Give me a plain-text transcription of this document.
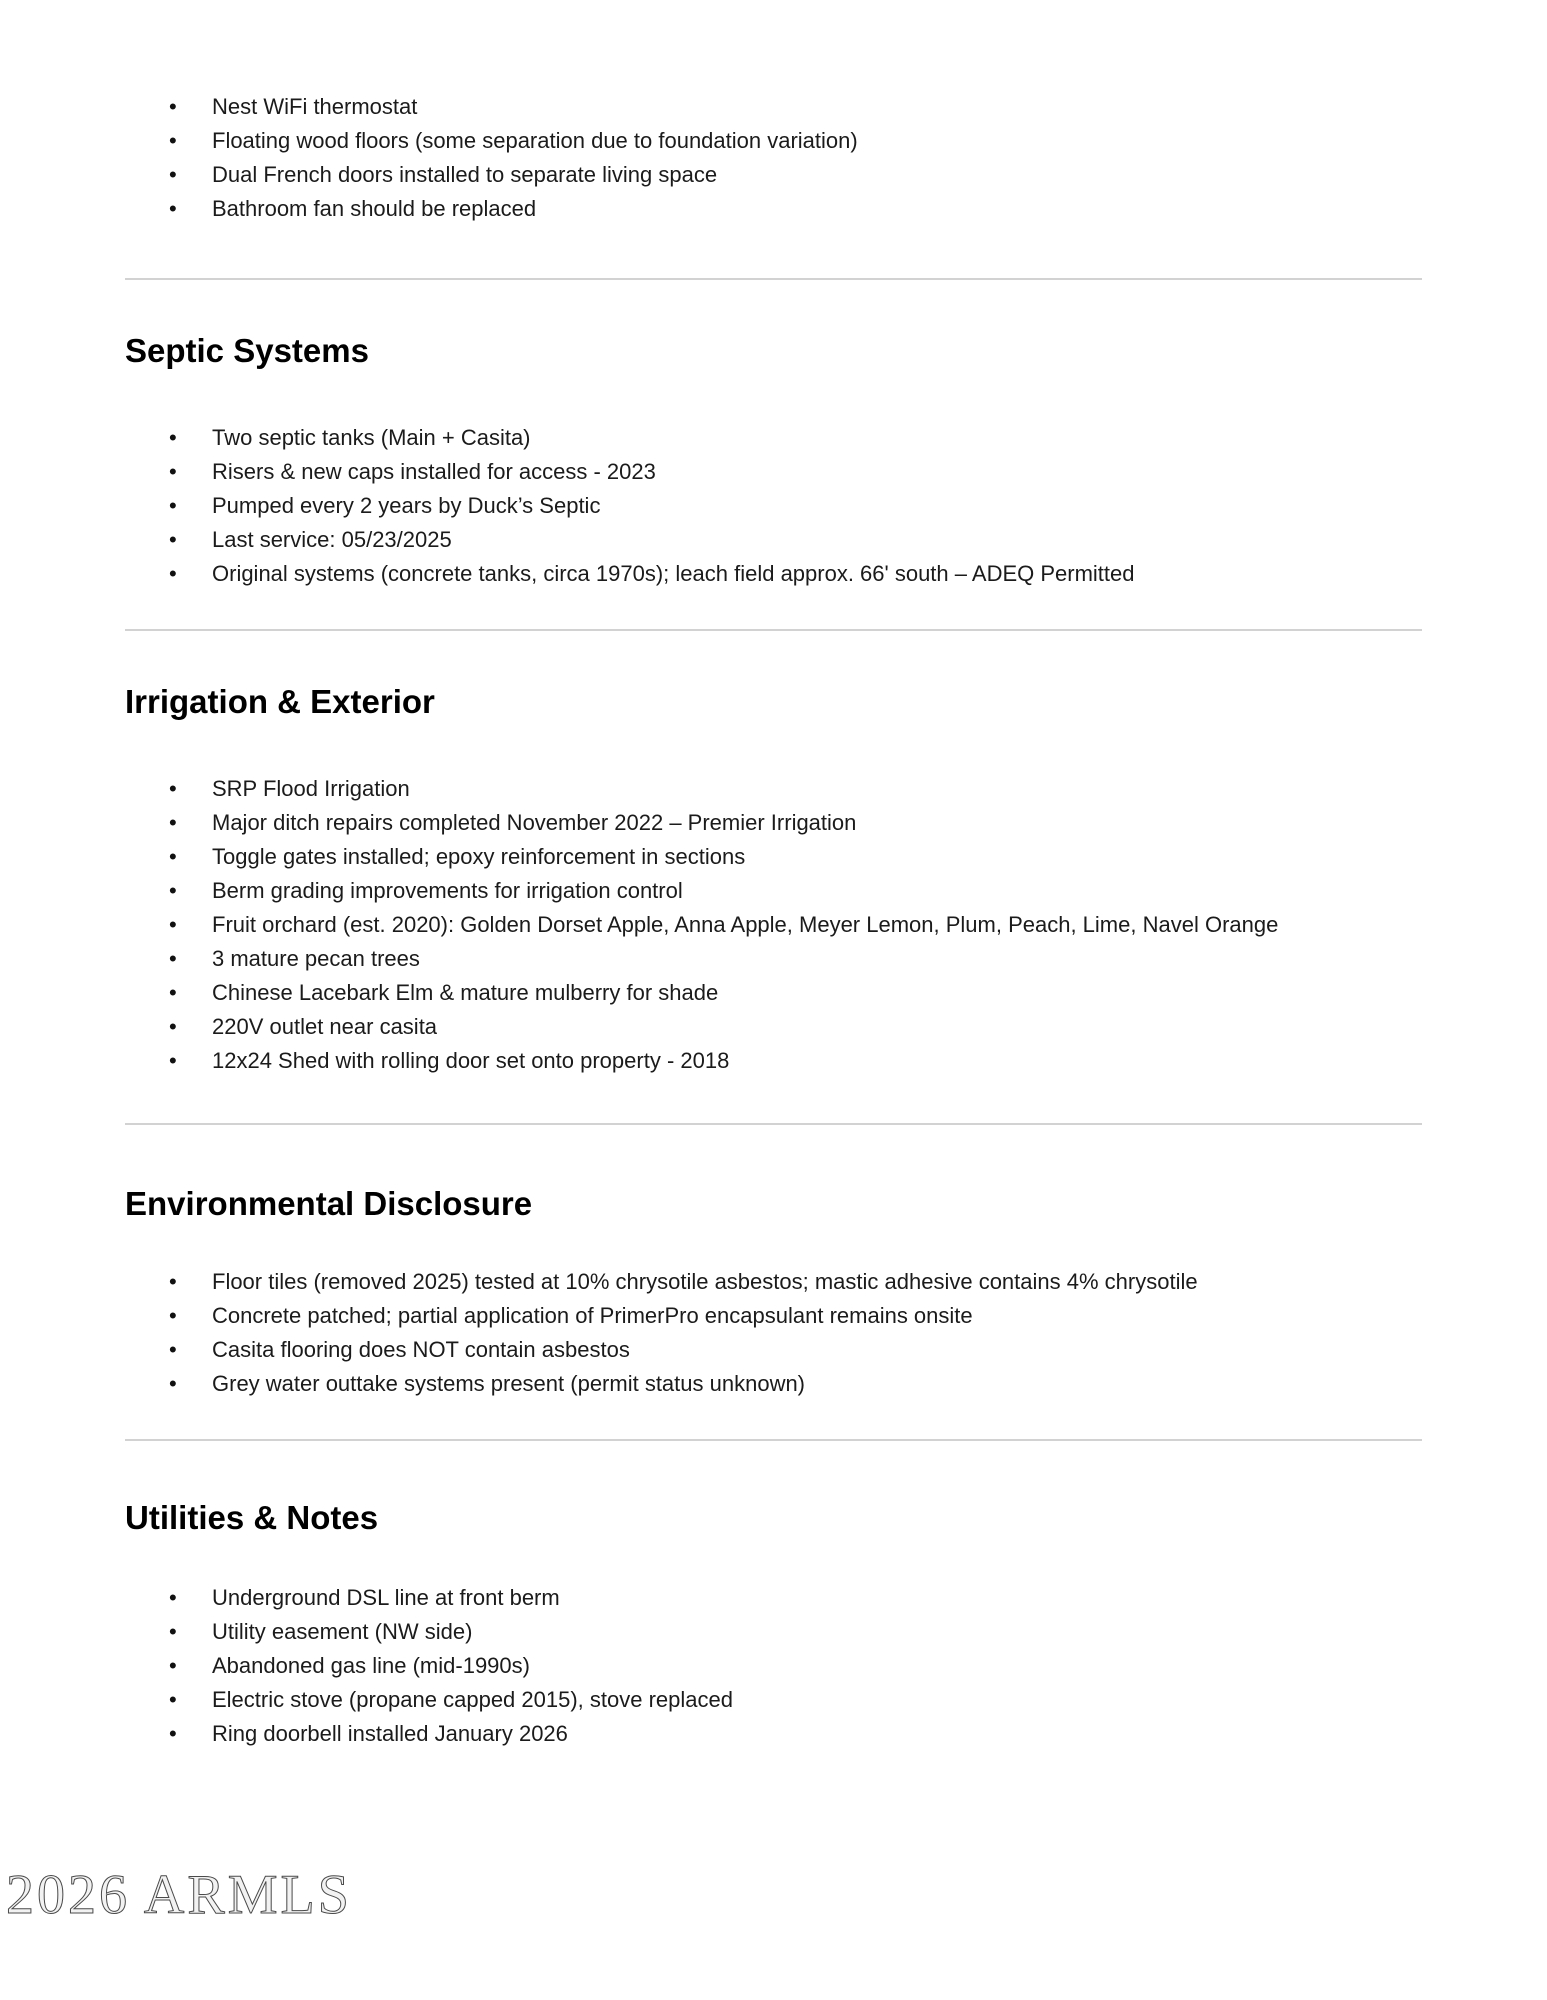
• Nest WiFi thermostat
• Floating wood floors (some separation due to foundation variation)
• Dual French doors installed to separate living space
• Bathroom fan should be replaced
Septic Systems
• Two septic tanks (Main + Casita)
• Risers & new caps installed for access - 2023
• Pumped every 2 years by Duck’s Septic
• Last service: 05/23/2025
• Original systems (concrete tanks, circa 1970s); leach field approx. 66' south – ADEQ Permitted
Irrigation & Exterior
• SRP Flood Irrigation
• Major ditch repairs completed November 2022 – Premier Irrigation
• Toggle gates installed; epoxy reinforcement in sections
• Berm grading improvements for irrigation control
• Fruit orchard (est. 2020): Golden Dorset Apple, Anna Apple, Meyer Lemon, Plum, Peach, Lime, Navel Orange
• 3 mature pecan trees
• Chinese Lacebark Elm & mature mulberry for shade
• 220V outlet near casita
• 12x24 Shed with rolling door set onto property - 2018
Environmental Disclosure
• Floor tiles (removed 2025) tested at 10% chrysotile asbestos; mastic adhesive contains 4% chrysotile
• Concrete patched; partial application of PrimerPro encapsulant remains onsite
• Casita flooring does NOT contain asbestos
• Grey water outtake systems present (permit status unknown)
Utilities & Notes
• Underground DSL line at front berm
• Utility easement (NW side)
• Abandoned gas line (mid-1990s)
• Electric stove (propane capped 2015), stove replaced
• Ring doorbell installed January 2026
2026 ARMLS
